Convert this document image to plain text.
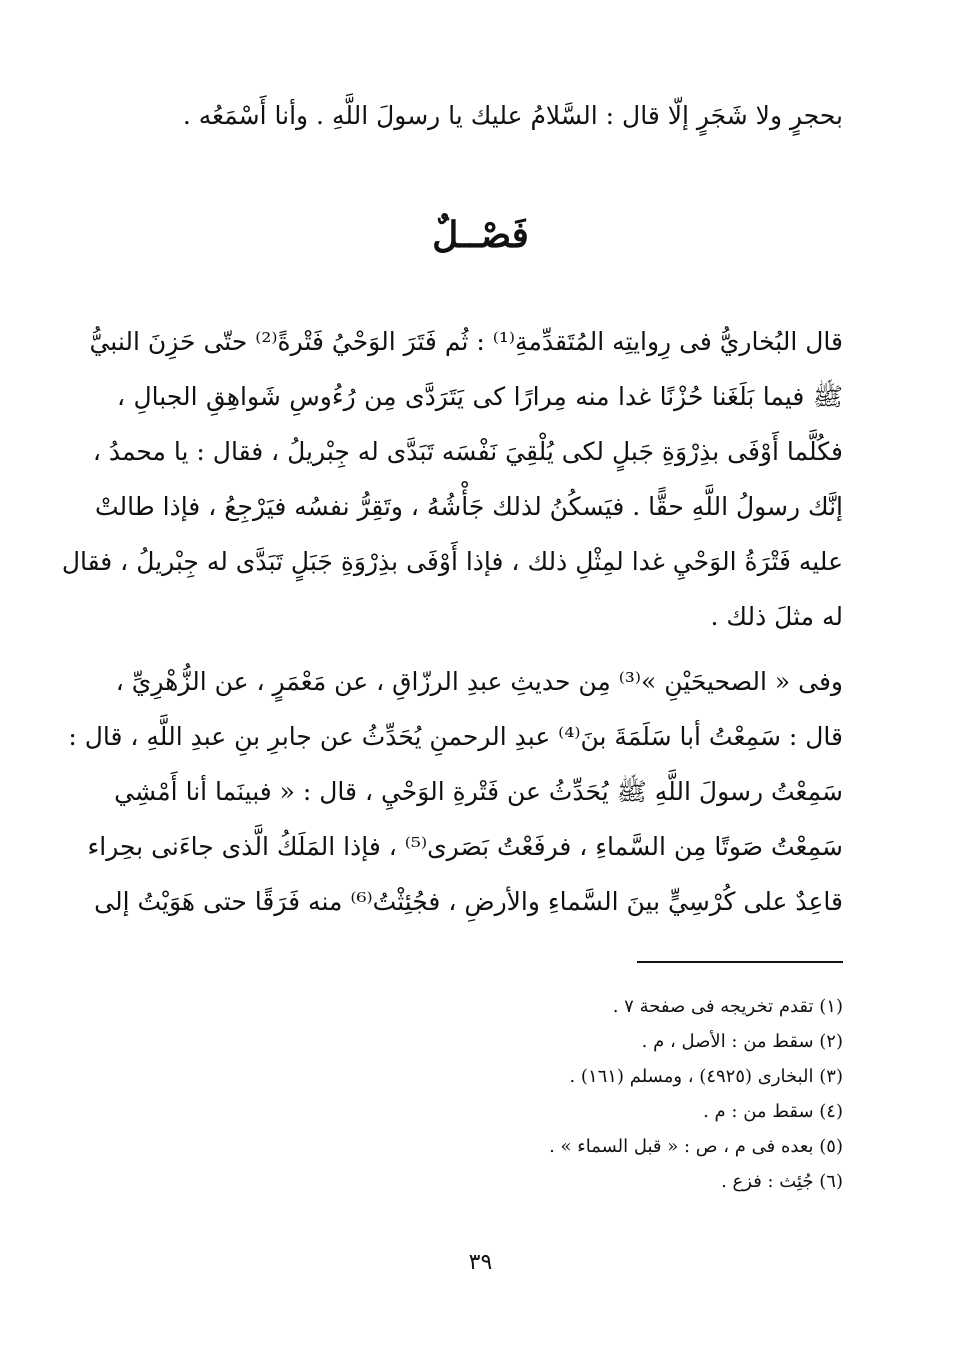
بحجرٍ ولا شَجَرٍ إلّا قال : السَّلامُ عليك يا رسولَ اللَّهِ . وأنا أَسْمَعُه .
فَصْــلٌ
قال البُخاريُّ فى رِوايتِه المُتَقدِّمةِ⁽¹⁾ : ثُم فَتَرَ الوَحْيُ فَتْرةً⁽²⁾ حتّى حَزِنَ النبيُّ
ﷺ فيما بَلَغَنا حُزْنًا غدا منه مِرارًا كى يَتَرَدَّى مِن رُءُوسِ شَواهِقِ الجبالِ ،
فكُلَّما أَوْفَى بذِرْوَةِ جَبلٍ لكى يُلْقِيَ نَفْسَه تَبَدَّى له جِبْريلُ ، فقال : يا محمدُ ،
إنَّك رسولُ اللَّهِ حقًّا . فيَسكُنُ لذلك جَأْشُهُ ، وتَقِرُّ نفسُه فيَرْجِعُ ، فإذا طالتْ
عليه فَتْرَةُ الوَحْيِ غدا لمِثْلِ ذلك ، فإذا أَوْفَى بذِرْوَةِ جَبَلٍ تَبَدَّى له جِبْريلُ ، فقال
له مثلَ ذلك .
وفى « الصحيحَيْنِ »⁽³⁾ مِن حديثِ عبدِ الرزّاقِ ، عن مَعْمَرٍ ، عن الزُّهْرِيِّ ،
قال : سَمِعْتُ أبا سَلَمَةَ بنَ⁽⁴⁾ عبدِ الرحمنِ يُحَدِّثُ عن جابرِ بنِ عبدِ اللَّهِ ، قال :
سَمِعْتُ رسولَ اللَّهِ ﷺ يُحَدِّثُ عن فَتْرةِ الوَحْيِ ، قال : « فبينَما أنا أَمْشِي
سَمِعْتُ صَوتًا مِن السَّماءِ ، فرفَعْتُ بَصَرى⁽⁵⁾ ، فإذا المَلَكُ الَّذى جاءَنى بحِراء
قاعِدٌ على كُرْسِيٍّ بينَ السَّماءِ والأرضِ ، فجُئِثْتُ⁽⁶⁾ منه فَرَقًا حتى هَوَيْتُ إلى
(١) تقدم تخريجه فى صفحة ٧ .
(٢) سقط من : الأصل ، م .
(٣) البخارى (٤٩٢٥) ، ومسلم (١٦١) .
(٤) سقط من : م .
(٥) بعده فى م ، ص : « قبل السماء » .
(٦) جُئِث : فزع .
٣٩
